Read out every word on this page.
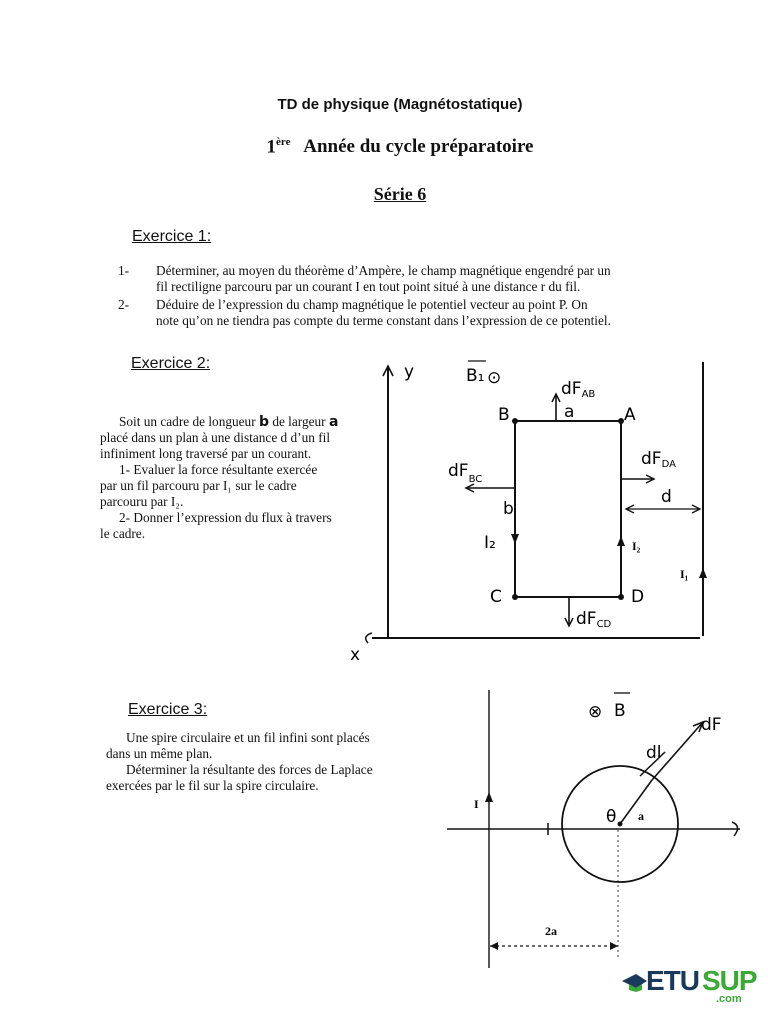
TD de physique (Magnétostatique)
1ère Année du cycle préparatoire
Série 6
Exercice 1:
1- Déterminer, au moyen du théorème d’Ampère, le champ magnétique engendré par un
fil rectiligne parcouru par un courant I en tout point situé à une distance r du fil.
2- Déduire de l’expression du champ magnétique le potentiel vecteur au point P. On
note qu’on ne tiendra pas compte du terme constant dans l’expression de ce potentiel.
Exercice 2:
Soit un cadre de longueur b de largeur a
placé dans un plan à une distance d d’un fil
infiniment long traversé par un courant.
1- Evaluer la force résultante exercée
par un fil parcouru par I₁ sur le cadre
parcouru par I₂.
2- Donner l’expression du flux à travers
le cadre.
y
x
I₁
B₁ ⊙
B	A
C	D
a
b
I₂
I₂
dFAB
$dF_{BC}$
dFDA
dFCD
d
Exercice 3:
Une spire circulaire et un fil infini sont placés
dans un même plan.
Déterminer la résultante des forces de Laplace
exercées par le fil sur la spire circulaire.
I
a
θ
dl
dF
⊗ B
2a
ETU SUP
.com
